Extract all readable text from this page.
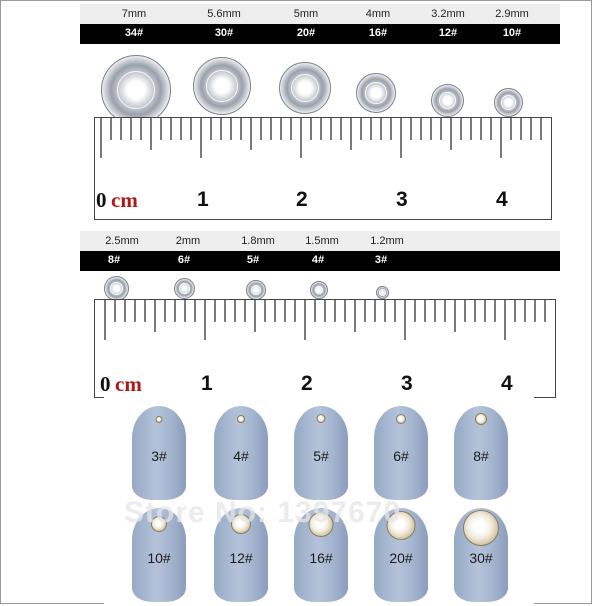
7mm	5.6mm	5mm	4mm	3.2mm	2.9mm
34#	30#	20#	16#	12#	10#
0 cm	1	2	3	4
2.5mm	2mm	1.8mm	1.5mm	1.2mm
8#	6#	5#	4#	3#
0 cm	1	2	3	4
3#	4#	5#	6#	8#
10#	12#	16#	20#	30#
Store No: 1397670
